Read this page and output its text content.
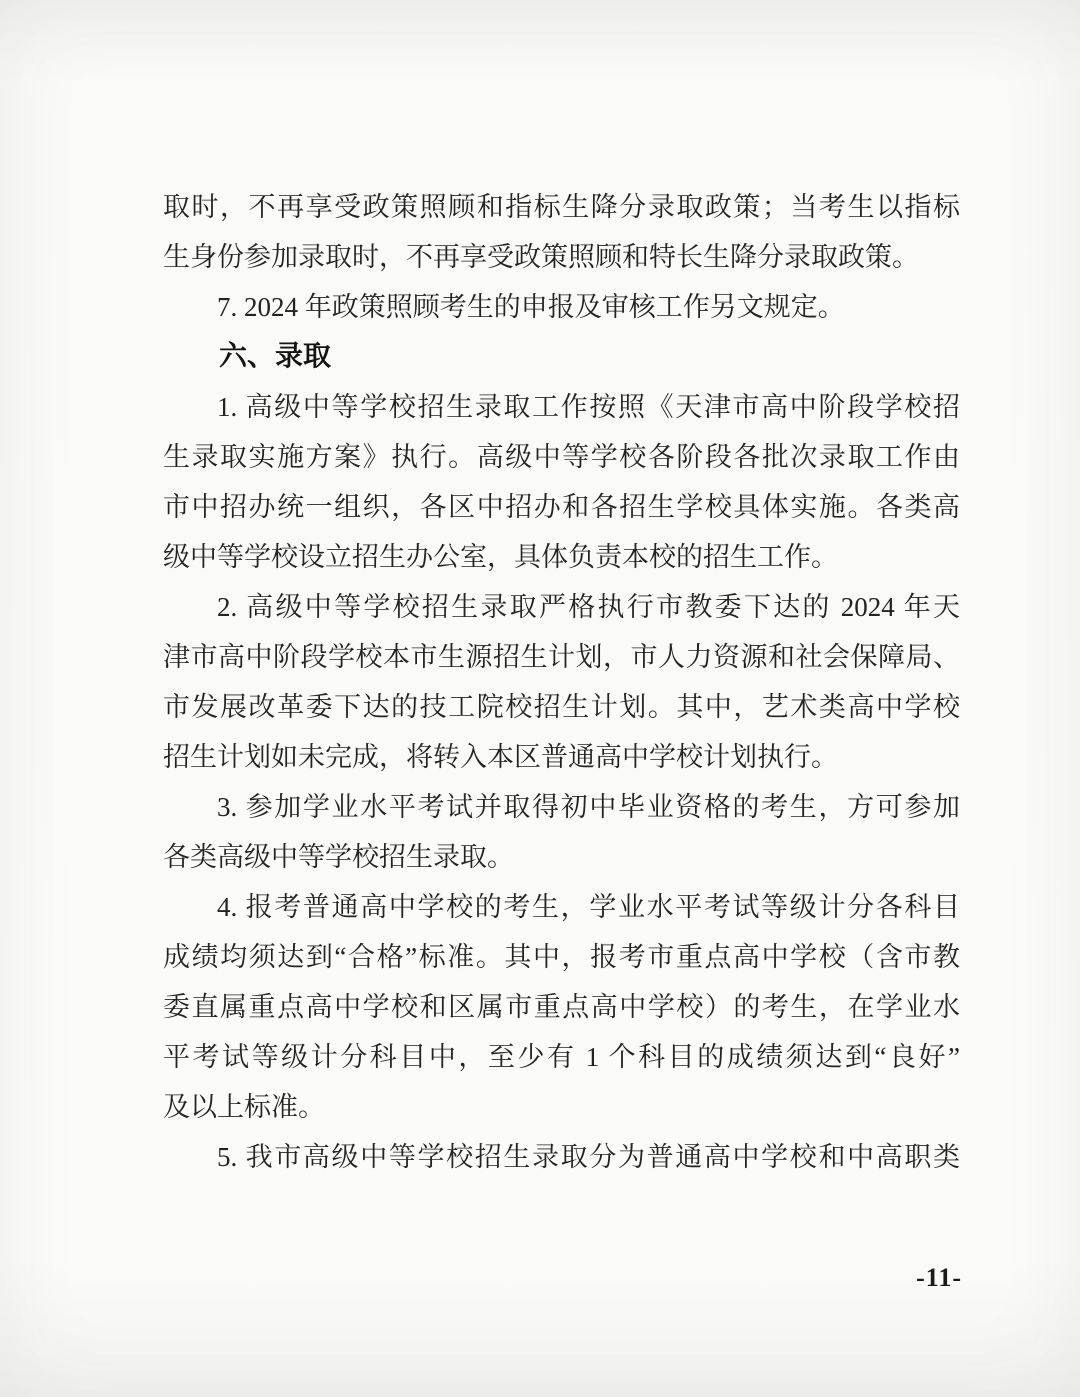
取时，不再享受政策照顾和指标生降分录取政策；当考生以指标
生身份参加录取时，不再享受政策照顾和特长生降分录取政策。
7. 2024 年政策照顾考生的申报及审核工作另文规定。
六、录取
1. 高级中等学校招生录取工作按照《天津市高中阶段学校招
生录取实施方案》执行。高级中等学校各阶段各批次录取工作由
市中招办统一组织，各区中招办和各招生学校具体实施。各类高
级中等学校设立招生办公室，具体负责本校的招生工作。
2. 高级中等学校招生录取严格执行市教委下达的 2024 年天
津市高中阶段学校本市生源招生计划，市人力资源和社会保障局、
市发展改革委下达的技工院校招生计划。其中，艺术类高中学校
招生计划如未完成，将转入本区普通高中学校计划执行。
3. 参加学业水平考试并取得初中毕业资格的考生，方可参加
各类高级中等学校招生录取。
4. 报考普通高中学校的考生，学业水平考试等级计分各科目
成绩均须达到“合格”标准。其中，报考市重点高中学校（含市教
委直属重点高中学校和区属市重点高中学校）的考生，在学业水
平考试等级计分科目中，至少有 1 个科目的成绩须达到“良好”
及以上标准。
5. 我市高级中等学校招生录取分为普通高中学校和中高职类
-11-
